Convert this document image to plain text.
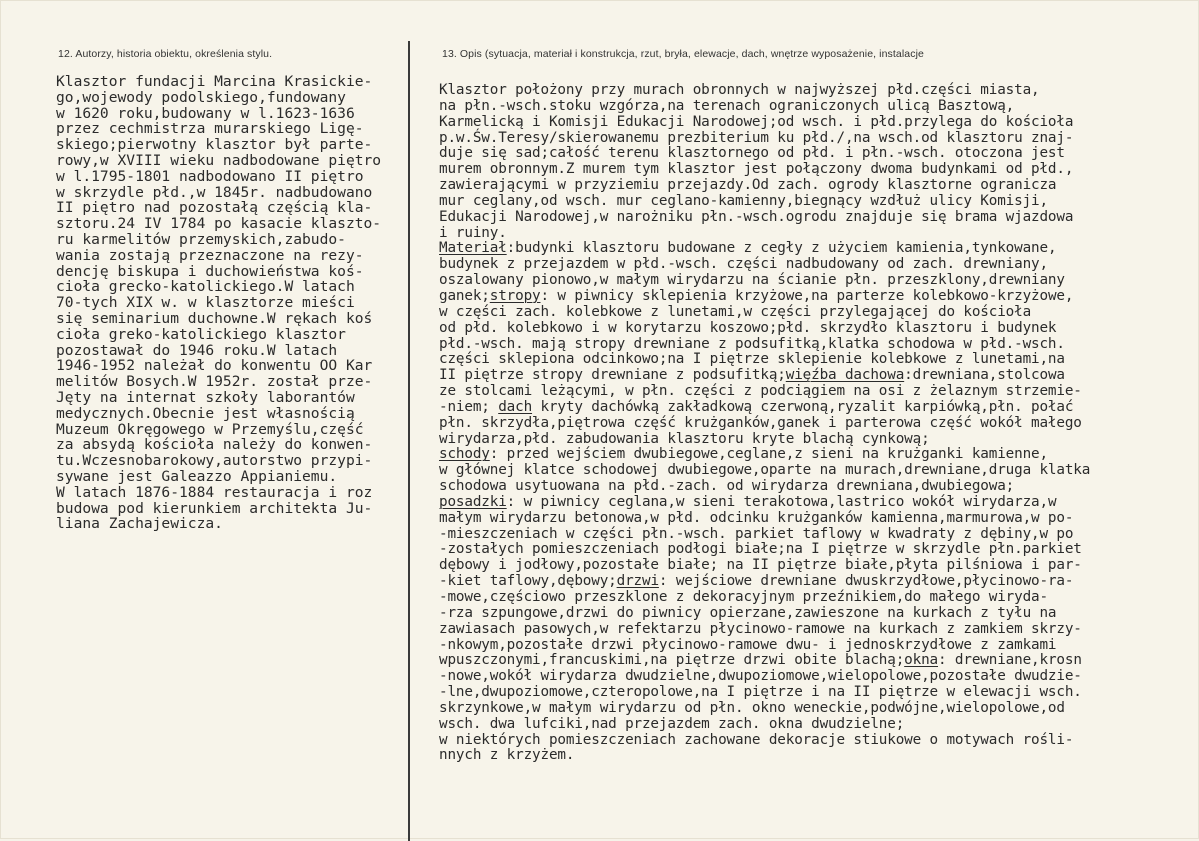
12. Autorzy, historia obiektu, określenia stylu.	13. Opis (sytuacja, materiał i konstrukcja, rzut, bryła, elewacje, dach, wnętrze wyposażenie, instalacje
Klasztor fundacji Marcina Krasickie-
go,wojewody podolskiego,fundowany
w 1620 roku,budowany w l.1623-1636
przez cechmistrza murarskiego Ligę-
skiego;pierwotny klasztor był parte-
rowy,w XVIII wieku nadbodowane piętro
w l.1795-1801 nadbodowano II piętro
w skrzydle płd.,w 1845r. nadbudowano
II piętro nad pozostałą częścią kla-
sztoru.24 IV 1784 po kasacie klaszto-
ru karmelitów przemyskich,zabudo-
wania zostają przeznaczone na rezy-
dencję biskupa i duchowieństwa koś-
cioła grecko-katolickiego.W latach
70-tych XIX w. w klasztorze mieści
się seminarium duchowne.W rękach koś
cioła greko-katolickiego klasztor
pozostawał do 1946 roku.W latach
1946-1952 należał do konwentu OO Kar
melitów Bosych.W 1952r. został prze-
Jęty na internat szkoły laborantów
medycznych.Obecnie jest własnością
Muzeum Okręgowego w Przemyślu,część
za absydą kościoła należy do konwen-
tu.Wczesnobarokowy,autorstwo przypi-
sywane jest Galeazzo Appianiemu.
W latach 1876-1884 restauracja i roz
budowa pod kierunkiem architekta Ju-
liana Zachajewicza.
Klasztor położony przy murach obronnych w najwyższej płd.części miasta,
na płn.-wsch.stoku wzgórza,na terenach ograniczonych ulicą Basztową,
Karmelicką i Komisji Edukacji Narodowej;od wsch. i płd.przylega do kościoła
p.w.Św.Teresy/skierowanemu prezbiterium ku płd./,na wsch.od klasztoru znaj-
duje się sad;całość terenu klasztornego od płd. i płn.-wsch. otoczona jest
murem obronnym.Z murem tym klasztor jest połączony dwoma budynkami od płd.,
zawierającymi w przyziemiu przejazdy.Od zach. ogrody klasztorne ogranicza
mur ceglany,od wsch. mur ceglano-kamienny,biegnący wzdłuż ulicy Komisji,
Edukacji Narodowej,w narożniku płn.-wsch.ogrodu znajduje się brama wjazdowa
i ruiny.
Materiał:budynki klasztoru budowane z cegły z użyciem kamienia,tynkowane,
budynek z przejazdem w płd.-wsch. części nadbudowany od zach. drewniany,
oszalowany pionowo,w małym wirydarzu na ścianie płn. przeszklony,drewniany
ganek;stropy: w piwnicy sklepienia krzyżowe,na parterze kolebkowo-krzyżowe,
w części zach. kolebkowe z lunetami,w części przylegającej do kościoła
od płd. kolebkowo i w korytarzu koszowo;płd. skrzydło klasztoru i budynek
płd.-wsch. mają stropy drewniane z podsufitką,klatka schodowa w płd.-wsch.
części sklepiona odcinkowo;na I piętrze sklepienie kolebkowe z lunetami,na
II piętrze stropy drewniane z podsufitką;więźba dachowa:drewniana,stolcowa
ze stolcami leżącymi, w płn. części z podciągiem na osi z żelaznym strzemie-
-niem; dach kryty dachówką zakładkową czerwoną,ryzalit karpiówką,płn. połać
płn. skrzydła,piętrowa część krużganków,ganek i parterowa część wokół małego
wirydarza,płd. zabudowania klasztoru kryte blachą cynkową;
schody: przed wejściem dwubiegowe,ceglane,z sieni na krużganki kamienne,
w głównej klatce schodowej dwubiegowe,oparte na murach,drewniane,druga klatka
schodowa usytuowana na płd.-zach. od wirydarza drewniana,dwubiegowa;
posadzki: w piwnicy ceglana,w sieni terakotowa,lastrico wokół wirydarza,w
małym wirydarzu betonowa,w płd. odcinku krużganków kamienna,marmurowa,w po-
-mieszczeniach w części płn.-wsch. parkiet taflowy w kwadraty z dębiny,w po
-zostałych pomieszczeniach podłogi białe;na I piętrze w skrzydle płn.parkiet
dębowy i jodłowy,pozostałe białe; na II piętrze białe,płyta pilśniowa i par-
-kiet taflowy,dębowy;drzwi: wejściowe drewniane dwuskrzydłowe,płycinowo-ra-
-mowe,częściowo przeszklone z dekoracyjnym przeźnikiem,do małego wiryda-
-rza szpungowe,drzwi do piwnicy opierzane,zawieszone na kurkach z tyłu na
zawiasach pasowych,w refektarzu płycinowo-ramowe na kurkach z zamkiem skrzy-
-nkowym,pozostałe drzwi płycinowo-ramowe dwu- i jednoskrzydłowe z zamkami
wpuszczonymi,francuskimi,na piętrze drzwi obite blachą;okna: drewniane,krosn
-nowe,wokół wirydarza dwudzielne,dwupoziomowe,wielopolowe,pozostałe dwudzie-
-lne,dwupoziomowe,czteropolowe,na I piętrze i na II piętrze w elewacji wsch.
skrzynkowe,w małym wirydarzu od płn. okno weneckie,podwójne,wielopolowe,od
wsch. dwa lufciki,nad przejazdem zach. okna dwudzielne;
w niektórych pomieszczeniach zachowane dekoracje stiukowe o motywach rośli-
nnych z krzyżem.
